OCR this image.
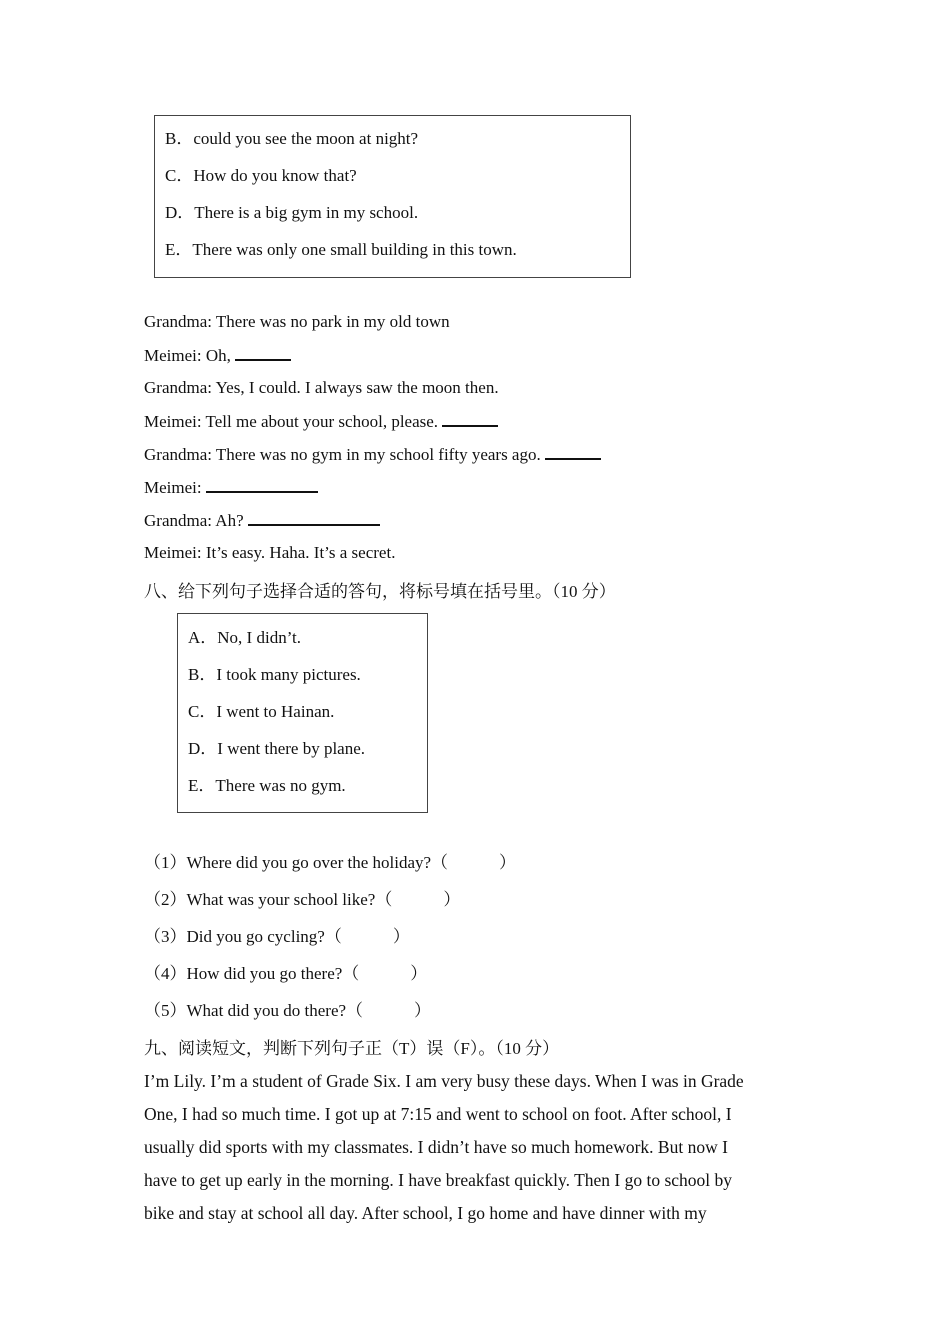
B．could you see the moon at night?
C．How do you know that?
D．There is a big gym in my school.
E．There was only one small building in this town.
Grandma: There was no park in my old town
Meimei: Oh,
Grandma: Yes, I could. I always saw the moon then.
Meimei: Tell me about your school, please.
Grandma: There was no gym in my school fifty years ago.
Meimei:
Grandma: Ah?
Meimei: It’s easy. Haha. It’s a secret.
八、给下列句子选择合适的答句，将标号填在括号里。（10 分）
A．No, I didn’t.
B．I took many pictures.
C．I went to Hainan.
D．I went there by plane.
E．There was no gym.
（1）Where did you go over the holiday?（　　　）
（2）What was your school like?（　　　）
（3）Did you go cycling?（　　　）
（4）How did you go there?（　　　）
（5）What did you do there?（　　　）
九、阅读短文，判断下列句子正（T）误（F）。（10 分）
I’m Lily. I’m a student of Grade Six. I am very busy these days. When I was in Grade
One, I had so much time. I got up at 7:15 and went to school on foot. After school, I
usually did sports with my classmates. I didn’t have so much homework. But now I
have to get up early in the morning. I have breakfast quickly. Then I go to school by
bike and stay at school all day. After school, I go home and have dinner with my
